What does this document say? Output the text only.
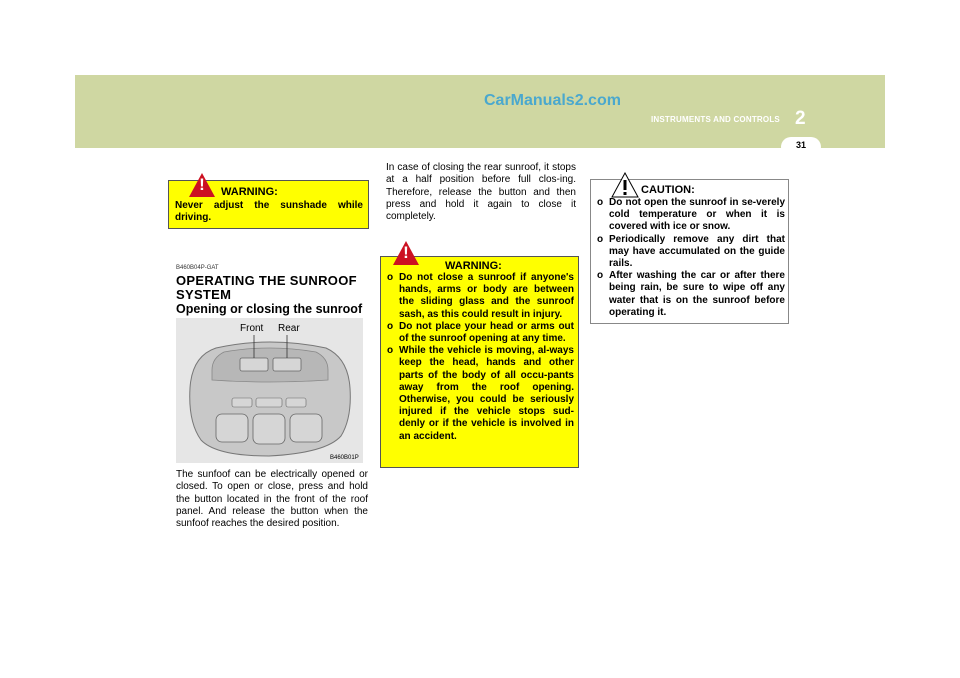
CarManuals2.com
2
INSTRUMENTS AND CONTROLS
31
!	WARNING:
Never adjust the sunshade while driving.
B460B04P-GAT
OPERATING THE SUNROOF SYSTEM
Opening or closing the sunroof
Front Rear
B460B01P
The sunfoof can be electrically opened or closed. To open or close, press and hold the button located in the front of the roof panel. And release the button when the sunfoof reaches the desired position.
In case of closing the rear sunroof, it stops at a half position before full clos-ing. Therefore, release the button and then press and hold it again to close it completely.
!
WARNING:
o Do not close a sunroof if anyone's hands, arms or body are between the sliding glass and the sunroof sash, as this could result in injury.
o Do not place your head or arms out of the sunroof opening at any time.
o While the vehicle is moving, al-ways keep the head, hands and other parts of the body of all occu-pants away from the roof opening. Otherwise, you could be seriously injured if the vehicle stops sud-denly or if the vehicle is involved in an accident.
CAUTION:
o Do not open the sunroof in se-verely cold temperature or when it is covered with ice or snow.
o Periodically remove any dirt that may have accumulated on the guide rails.
o After washing the car or after there being rain, be sure to wipe off any water that is on the sunroof before operating it.
